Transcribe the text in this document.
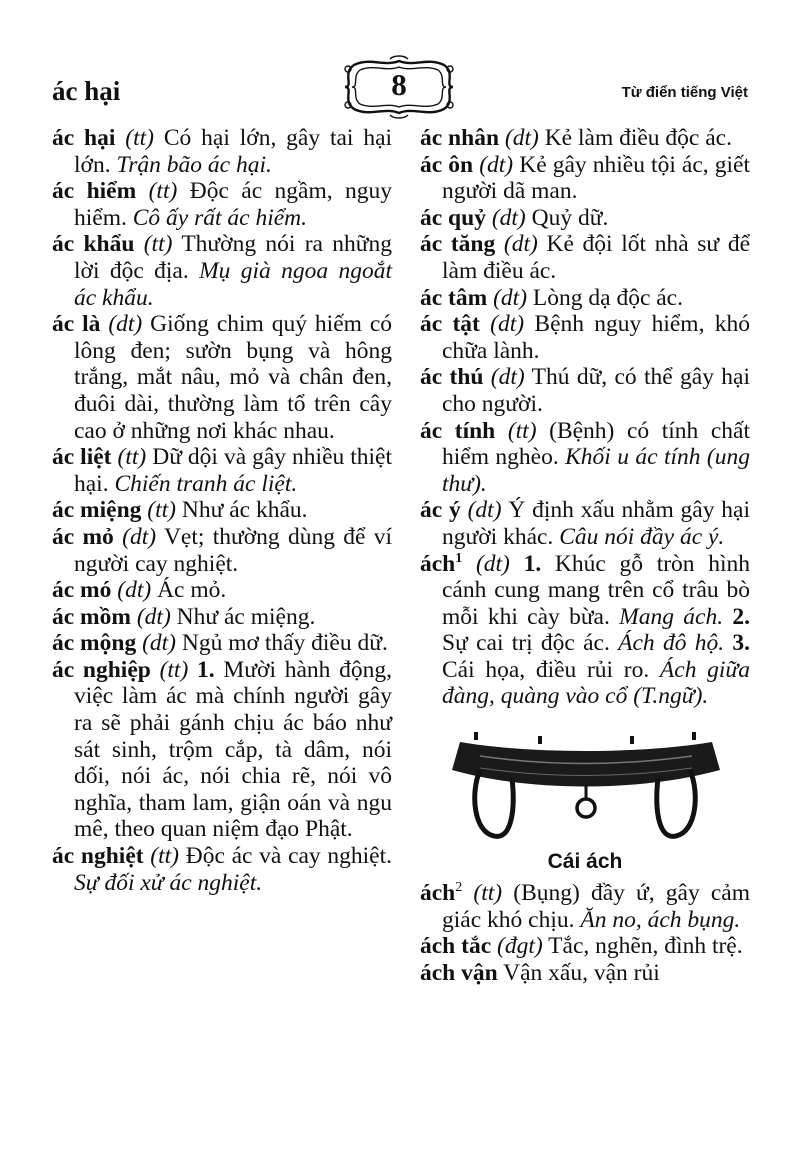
ác hại	8	Từ điển tiếng Việt

ác hại (tt) Có hại lớn, gây tai hại lớn. Trận bão ác hại.

ác hiểm (tt) Độc ác ngầm, nguy hiểm. Cô ấy rất ác hiểm.

ác khẩu (tt) Thường nói ra những lời độc địa. Mụ già ngoa ngoắt ác khẩu.

ác là (dt) Giống chim quý hiếm có lông đen; sườn bụng và hông trắng, mắt nâu, mỏ và chân đen, đuôi dài, thường làm tổ trên cây cao ở những nơi khác nhau.

ác liệt (tt) Dữ dội và gây nhiều thiệt hại. Chiến tranh ác liệt.

ác miệng (tt) Như ác khẩu.

ác mỏ (dt) Vẹt; thường dùng để ví người cay nghiệt.

ác mó (dt) Ác mỏ.

ác mồm (dt) Như ác miệng.

ác mộng (dt) Ngủ mơ thấy điều dữ.

ác nghiệp (tt) 1. Mười hành động, việc làm ác mà chính người gây ra sẽ phải gánh chịu ác báo như sát sinh, trộm cắp, tà dâm, nói dối, nói ác, nói chia rẽ, nói vô nghĩa, tham lam, giận oán và ngu mê, theo quan niệm đạo Phật.

ác nghiệt (tt) Độc ác và cay nghiệt. Sự đối xử ác nghiệt.

ác nhân (dt) Kẻ làm điều độc ác.

ác ôn (dt) Kẻ gây nhiều tội ác, giết người dã man.

ác quỷ (dt) Quỷ dữ.

ác tăng (dt) Kẻ đội lốt nhà sư để làm điều ác.

ác tâm (dt) Lòng dạ độc ác.

ác tật (dt) Bệnh nguy hiểm, khó chữa lành.

ác thú (dt) Thú dữ, có thể gây hại cho người.

ác tính (tt) (Bệnh) có tính chất hiểm nghèo. Khối u ác tính (ung thư).

ác ý (dt) Ý định xấu nhằm gây hại người khác. Câu nói đầy ác ý.

ách$^1$ (dt) 1. Khúc gỗ tròn hình cánh cung mang trên cổ trâu bò mỗi khi cày bừa. Mang ách. 2. Sự cai trị độc ác. Ách đô hộ. 3. Cái họa, điều rủi ro. Ách giữa đàng, quàng vào cổ (T.ngữ).

Cái ách

ách$^2$ (tt) (Bụng) đầy ứ, gây cảm giác khó chịu. Ăn no, ách bụng.

ách tắc (đgt) Tắc, nghẽn, đình trệ.

ách vận Vận xấu, vận rủi
